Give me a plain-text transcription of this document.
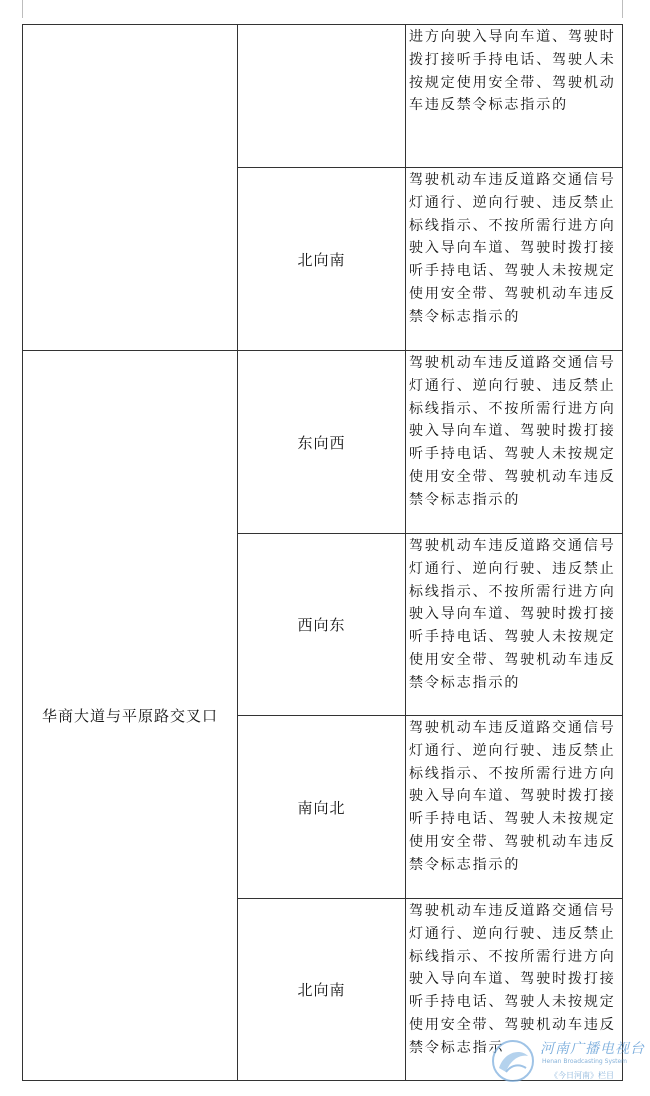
		进方向驶入导向车道、驾驶时拨打接听手持电话、驾驶人未按规定使用安全带、驾驶机动车违反禁令标志指示的

	北向南	驾驶机动车违反道路交通信号灯通行、逆向行驶、违反禁止标线指示、不按所需行进方向驶入导向车道、驾驶时拨打接听手持电话、驾驶人未按规定使用安全带、驾驶机动车违反禁令标志指示的

华商大道与平原路交叉口	东向西	驾驶机动车违反道路交通信号灯通行、逆向行驶、违反禁止标线指示、不按所需行进方向驶入导向车道、驾驶时拨打接听手持电话、驾驶人未按规定使用安全带、驾驶机动车违反禁令标志指示的

	西向东	驾驶机动车违反道路交通信号灯通行、逆向行驶、违反禁止标线指示、不按所需行进方向驶入导向车道、驾驶时拨打接听手持电话、驾驶人未按规定使用安全带、驾驶机动车违反禁令标志指示的

	南向北	驾驶机动车违反道路交通信号灯通行、逆向行驶、违反禁止标线指示、不按所需行进方向驶入导向车道、驾驶时拨打接听手持电话、驾驶人未按规定使用安全带、驾驶机动车违反禁令标志指示的

	北向南	驾驶机动车违反道路交通信号灯通行、逆向行驶、违反禁止标线指示、不按所需行进方向驶入导向车道、驾驶时拨打接听手持电话、驾驶人未按规定使用安全带、驾驶机动车违反禁令标志指示	河南广播电视台
Henan Broadcasting System
《今日河南》栏目
